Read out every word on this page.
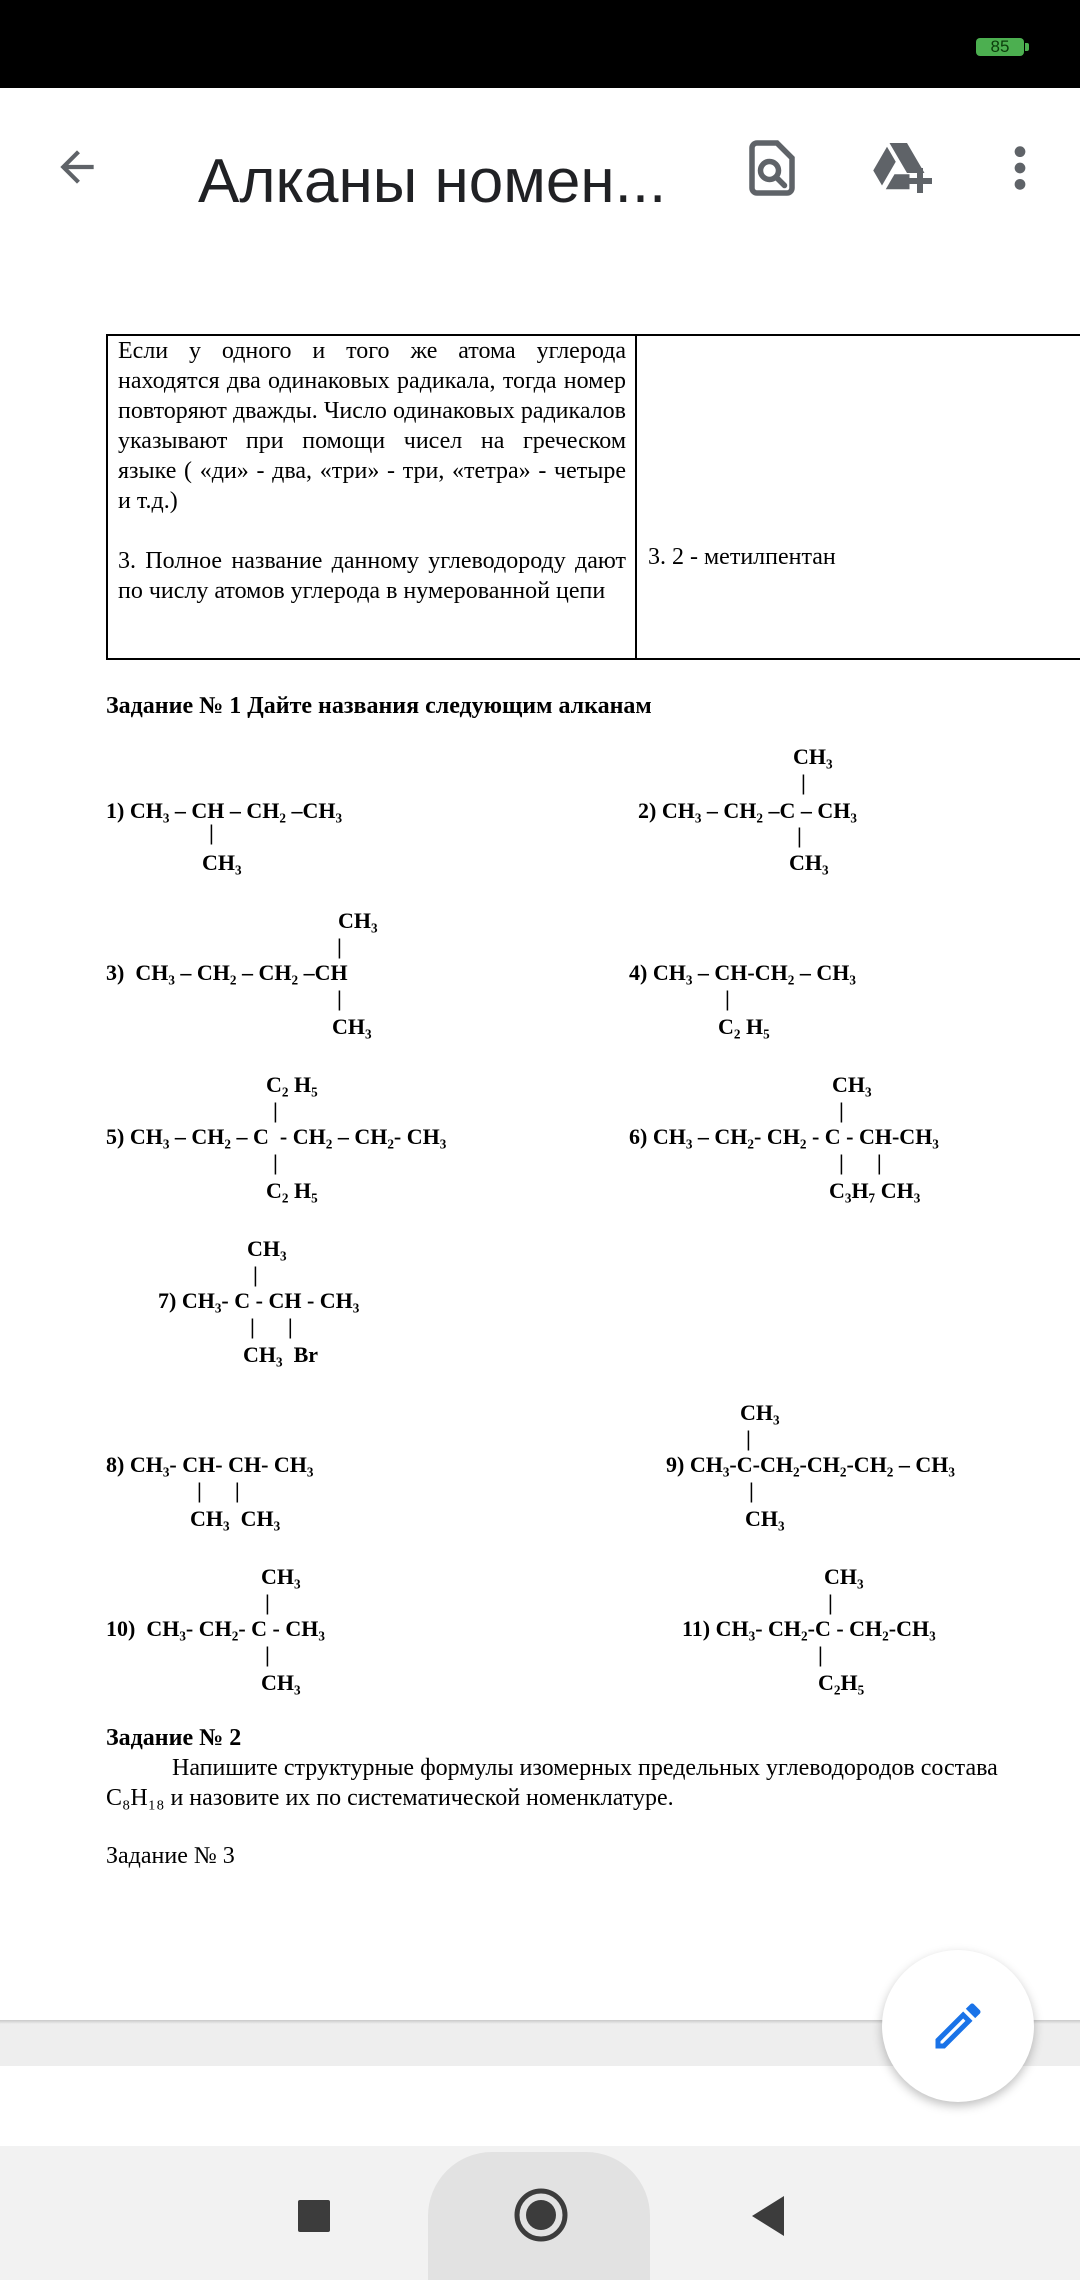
85
Алканы номен...

Если у одного и того же атома углерода находятся два одинаковых радикала, тогда номер повторяют дважды. Число одинаковых радикалов указывают при помощи чисел на греческом языке ( «ди» - два, «три» - три, «тетра» - четыре и т.д.)

3. Полное название данному углеводороду дают по числу атомов углерода в нумерованной цепи

3. 2 - метилпентан
Задание № 1 Дайте названия следующим алканам
1) CH₃ – CH – CH₂ –CH₃
|
CH₃
CH₃
|
2) CH₃ – CH₂ –C – CH₃
|
CH₃
CH₃
|
3)  CH₃ – CH₂ – CH₂ –CH
|
CH₃
4) CH₃ – CH-CH₂ – CH₃
|
C₂ H₅
C₂ H₅
|
5) CH₃ – CH₂ – C  - CH₂ – CH₂- CH₃
|
C₂ H₅
CH₃
|
6) CH₃ – CH₂- CH₂ - C - CH-CH₃
|      |
C₃H₇ CH₃
CH₃
|
7) CH₃- C - CH - CH₃
|      |
CH₃  Br
8) CH₃- CH- CH- CH₃
|      |
CH₃  CH₃
CH₃
|
9) CH₃-C-CH₂-CH₂-CH₂ – CH₃
|
CH₃
CH₃
|
10)  CH₃- CH₂- C - CH₃
|
CH₃
CH₃
|
11) CH₃- CH₂-C - CH₂-CH₃
|
C₂H₅
Задание № 2
Напишите структурные формулы изомерных предельных углеводородов состава
C₈H₁₈ и назовите их по систематической номенклатуре.
Задание № 3
